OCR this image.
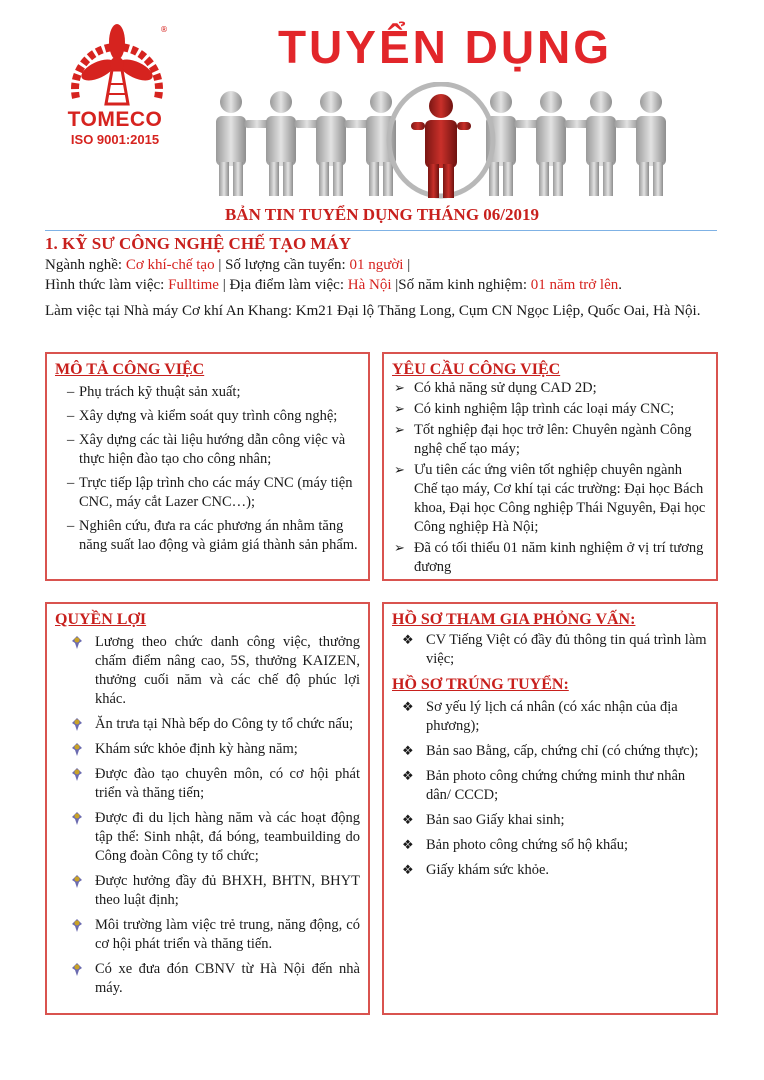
®
TOMECO
ISO 9001:2015
TUYỂN DỤNG
BẢN TIN TUYỂN DỤNG THÁNG 06/2019
1. KỸ SƯ CÔNG NGHỆ CHẾ TẠO MÁY
Ngành nghề: Cơ khí-chế tạo | Số lượng cần tuyển: 01 người |
Hình thức làm việc: Fulltime | Địa điểm làm việc: Hà Nội |Số năm kinh nghiệm: 01 năm trở lên.
Làm việc tại Nhà máy Cơ khí An Khang: Km21 Đại lộ Thăng Long, Cụm CN Ngọc Liệp, Quốc Oai, Hà Nội.
MÔ TẢ CÔNG VIỆC
– Phụ trách kỹ thuật sản xuất;
– Xây dựng và kiểm soát quy trình công nghệ;
– Xây dựng các tài liệu hướng dẫn công việc và thực hiện đào tạo cho công nhân;
– Trực tiếp lập trình cho các máy CNC (máy tiện CNC, máy cắt Lazer CNC…);
– Nghiên cứu, đưa ra các phương án nhằm tăng năng suất lao động và giảm giá thành sản phẩm.
YÊU CẦU CÔNG VIỆC
➢ Có khả năng sử dụng CAD 2D;
➢ Có kinh nghiệm lập trình các loại máy CNC;
➢ Tốt nghiệp đại học trở lên: Chuyên ngành Công nghệ chế tạo máy;
➢ Ưu tiên các ứng viên tốt nghiệp chuyên ngành Chế tạo máy, Cơ khí tại các trường: Đại học Bách khoa, Đại học Công nghiệp Thái Nguyên, Đại học Công nghiệp Hà Nội;
➢ Đã có tối thiểu 01 năm kinh nghiệm ở vị trí tương đương
QUYỀN LỢI
Lương theo chức danh công việc, thưởng chấm điểm nâng cao, 5S, thưởng KAIZEN, thưởng cuối năm và các chế độ phúc lợi khác.
Ăn trưa tại Nhà bếp do Công ty tổ chức nấu;
Khám sức khỏe định kỳ hàng năm;
Được đào tạo chuyên môn, có cơ hội phát triển và thăng tiến;
Được đi du lịch hàng năm và các hoạt động tập thể: Sinh nhật, đá bóng, teambuilding do Công đoàn Công ty tổ chức;
Được hưởng đầy đủ BHXH, BHTN, BHYT theo luật định;
Môi trường làm việc trẻ trung, năng động, có cơ hội phát triển và thăng tiến.
Có xe đưa đón CBNV từ Hà Nội đến nhà máy.
HỒ SƠ THAM GIA PHỎNG VẤN:
❖ CV Tiếng Việt có đầy đủ thông tin quá trình làm việc;
HỒ SƠ TRÚNG TUYỂN:
❖ Sơ yếu lý lịch cá nhân (có xác nhận của địa phương);
❖ Bản sao Bằng, cấp, chứng chỉ (có chứng thực);
❖ Bản photo công chứng chứng minh thư nhân dân/ CCCD;
❖ Bản sao Giấy khai sinh;
❖ Bản photo công chứng sổ hộ khẩu;
❖ Giấy khám sức khỏe.
